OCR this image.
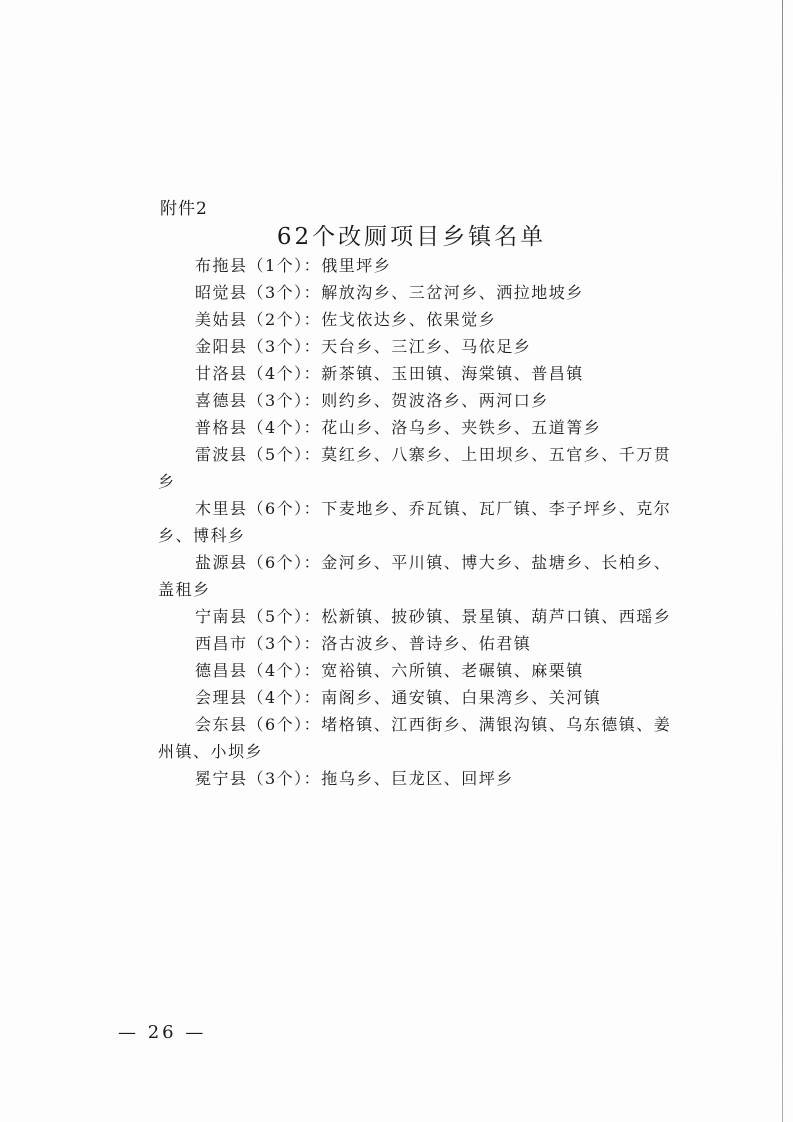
附件2
62个改厕项目乡镇名单

布拖县（1个）：俄里坪乡

昭觉县（3个）：解放沟乡、三岔河乡、洒拉地坡乡

美姑县（2个）：佐戈依达乡、依果觉乡

金阳县（3个）：天台乡、三江乡、马依足乡

甘洛县（4个）：新茶镇、玉田镇、海棠镇、普昌镇

喜德县（3个）：则约乡、贺波洛乡、两河口乡

普格县（4个）：花山乡、洛乌乡、夹铁乡、五道箐乡

雷波县（5个）：莫红乡、八寨乡、上田坝乡、五官乡、千万贯乡

木里县（6个）：下麦地乡、乔瓦镇、瓦厂镇、李子坪乡、克尔乡、博科乡

盐源县（6个）：金河乡、平川镇、博大乡、盐塘乡、长柏乡、盖租乡

宁南县（5个）：松新镇、披砂镇、景星镇、葫芦口镇、西瑶乡

西昌市（3个）：洛古波乡、普诗乡、佑君镇

德昌县（4个）：宽裕镇、六所镇、老碾镇、麻栗镇

会理县（4个）：南阁乡、通安镇、白果湾乡、关河镇

会东县（6个）：堵格镇、江西街乡、满银沟镇、乌东德镇、姜州镇、小坝乡

冕宁县（3个）：拖乌乡、巨龙区、回坪乡

— 26 —
